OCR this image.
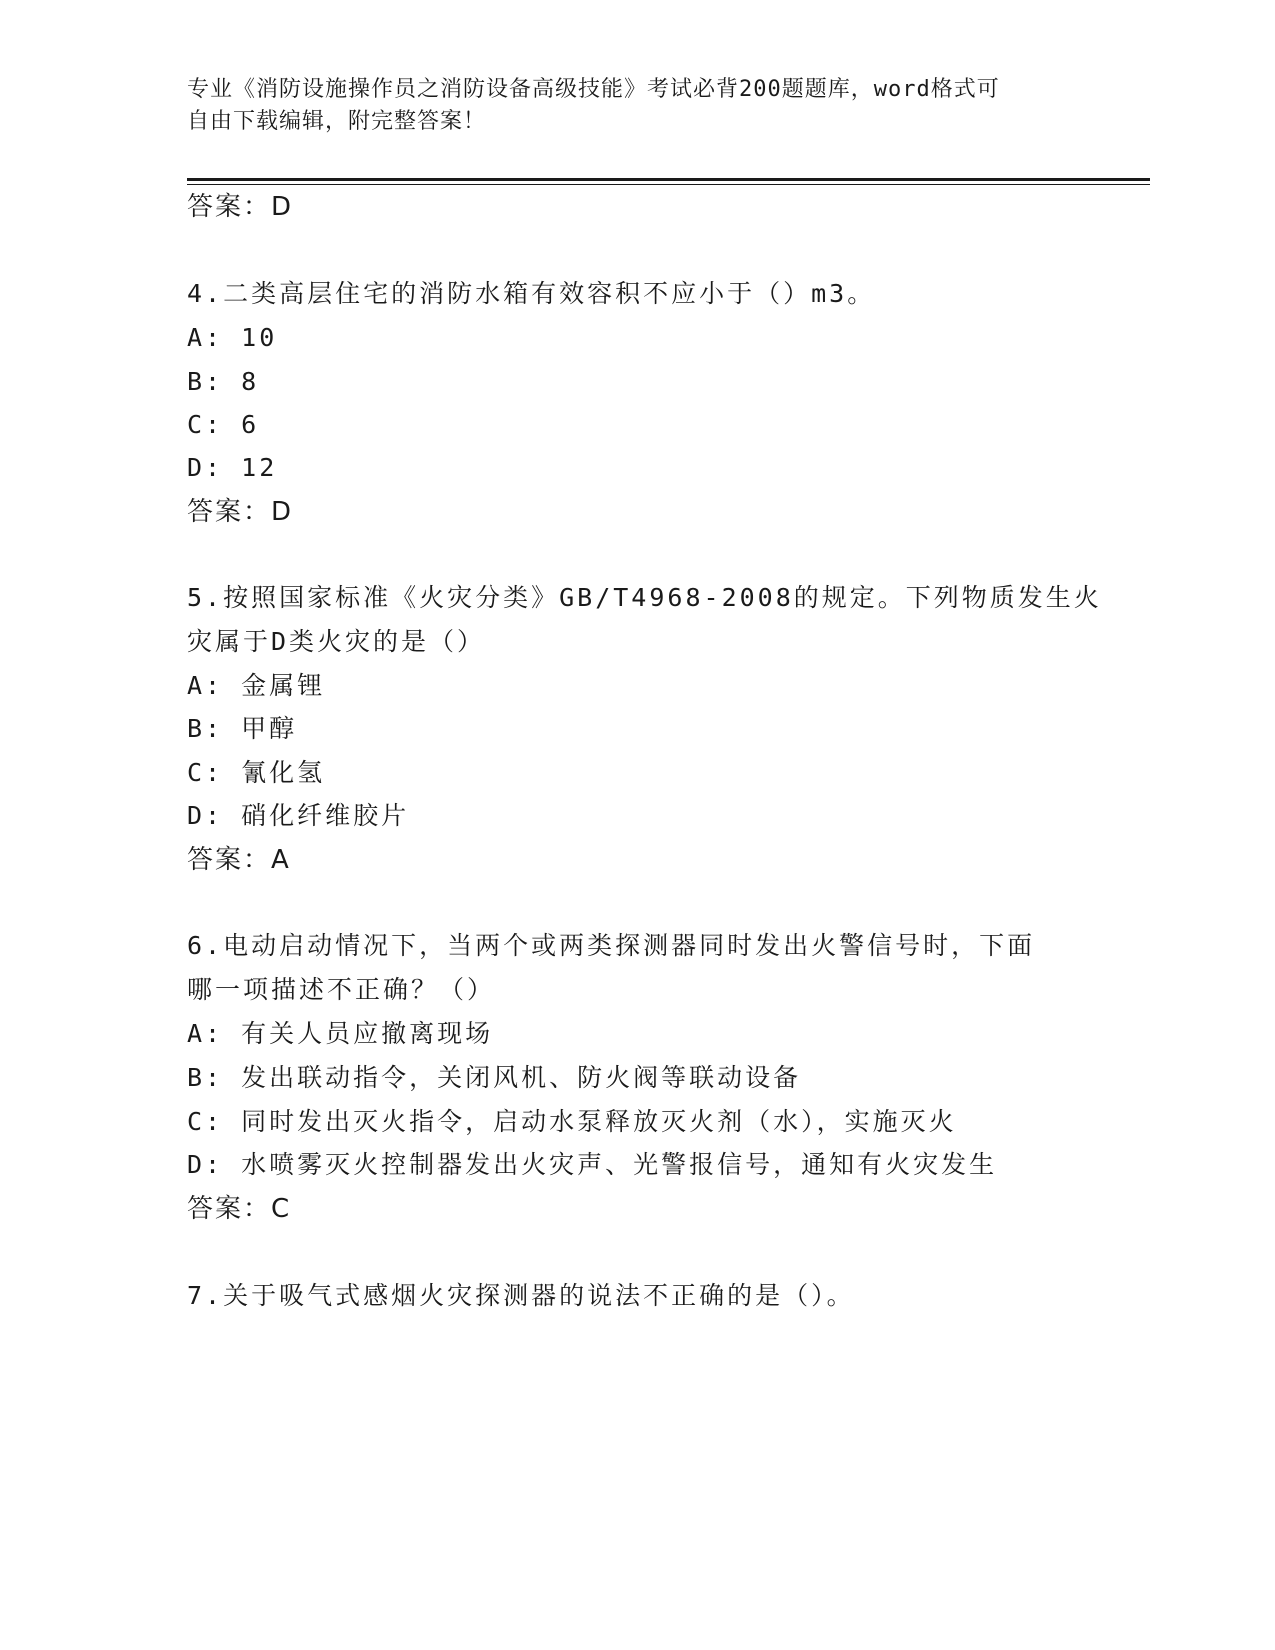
专业《消防设施操作员之消防设备高级技能》考试必背200题题库，word格式可
自由下载编辑，附完整答案！
答案：D
4.二类高层住宅的消防水箱有效容积不应小于（）m3。
A: 10
B: 8
C: 6
D: 12
答案：D
5.按照国家标准《火灾分类》GB/T4968-2008的规定。下列物质发生火
灾属于D类火灾的是（）
A: 金属锂
B: 甲醇
C: 氰化氢
D: 硝化纤维胶片
答案：A
6.电动启动情况下，当两个或两类探测器同时发出火警信号时，下面
哪一项描述不正确？（）
A: 有关人员应撤离现场
B: 发出联动指令，关闭风机、防火阀等联动设备
C: 同时发出灭火指令，启动水泵释放灭火剂（水），实施灭火
D: 水喷雾灭火控制器发出火灾声、光警报信号，通知有火灾发生
答案：C
7.关于吸气式感烟火灾探测器的说法不正确的是（）。
